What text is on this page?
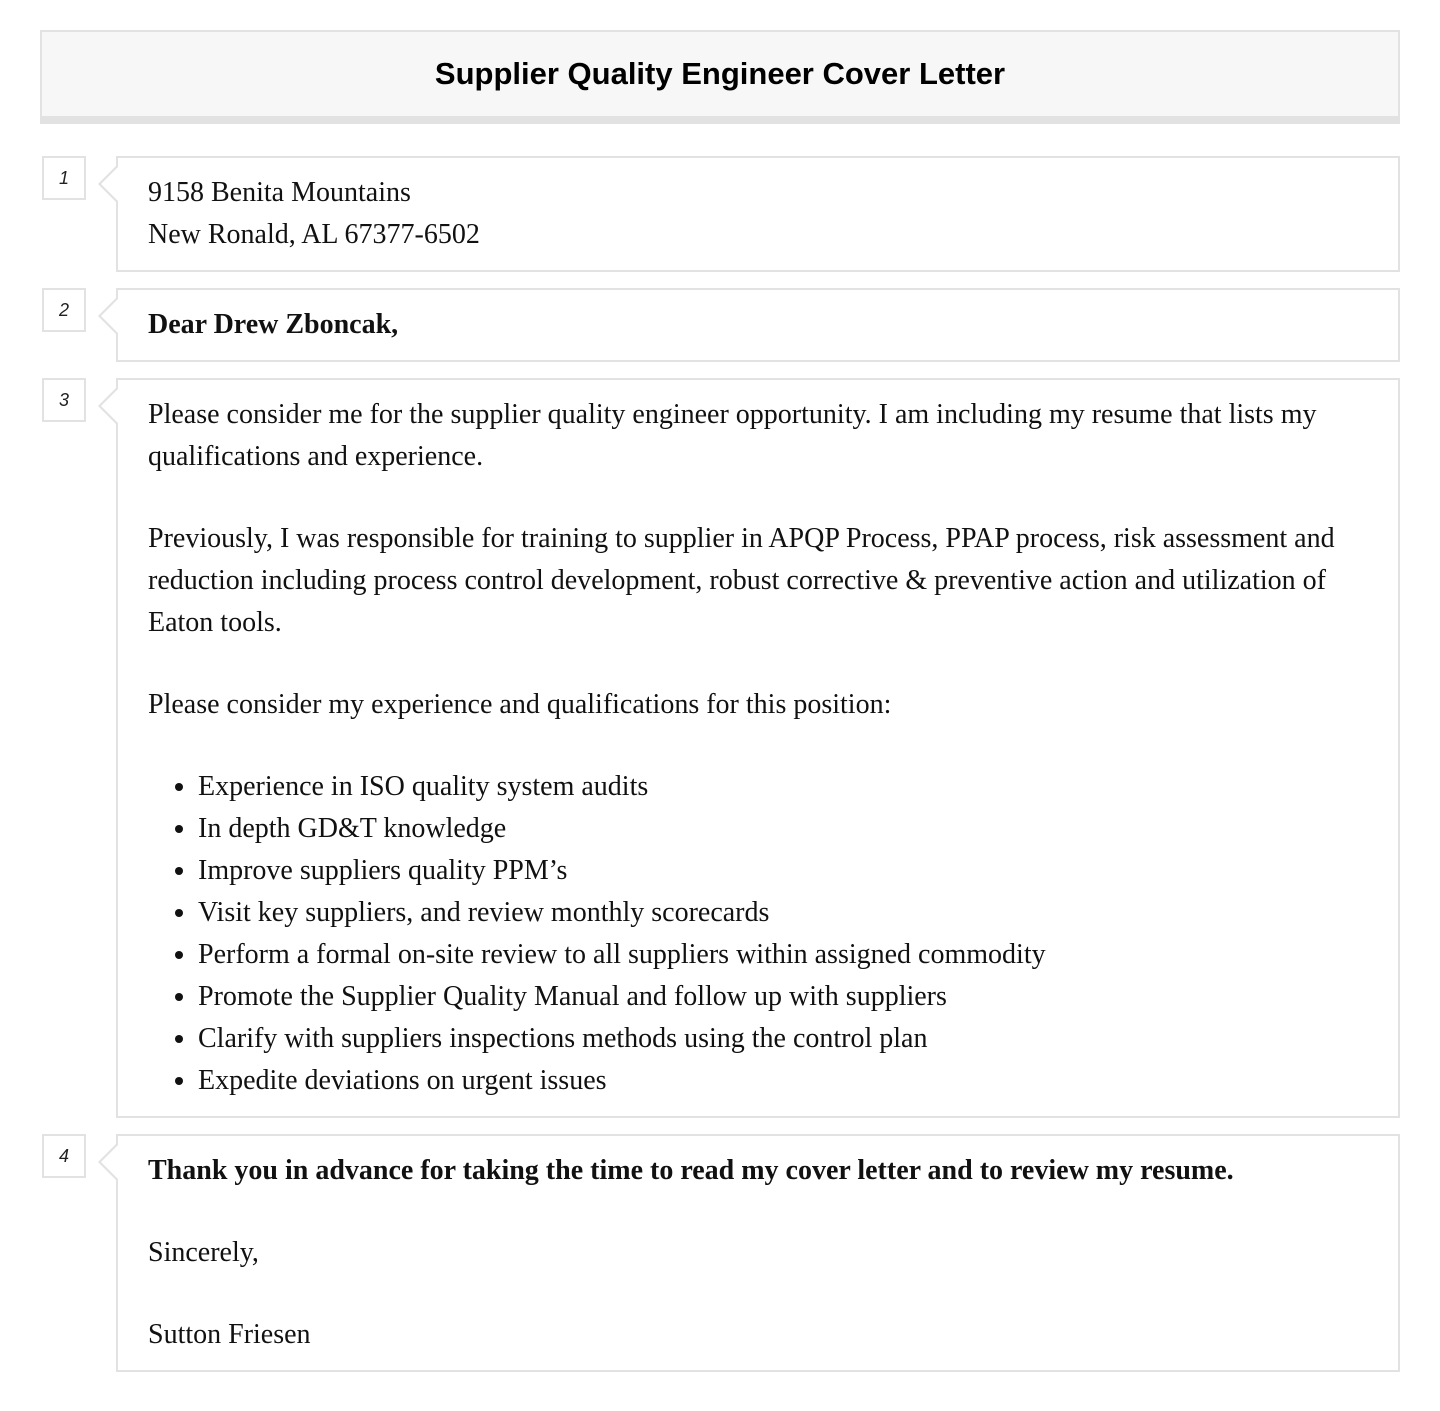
Supplier Quality Engineer Cover Letter
1	9158 Benita Mountains

New Ronald, AL 67377-6502

2	Dear Drew Zboncak,

3	Please consider me for the supplier quality engineer opportunity. I am including my resume that lists my qualifications and experience.

Previously, I was responsible for training to supplier in APQP Process, PPAP process, risk assessment and reduction including process control development, robust corrective & preventive action and utilization of Eaton tools.

Please consider my experience and qualifications for this position:

• Experience in ISO quality system audits
• In depth GD&T knowledge
• Improve suppliers quality PPM’s
• Visit key suppliers, and review monthly scorecards
• Perform a formal on-site review to all suppliers within assigned commodity
• Promote the Supplier Quality Manual and follow up with suppliers
• Clarify with suppliers inspections methods using the control plan
• Expedite deviations on urgent issues
4	Thank you in advance for taking the time to read my cover letter and to review my resume.

Sincerely,

Sutton Friesen
